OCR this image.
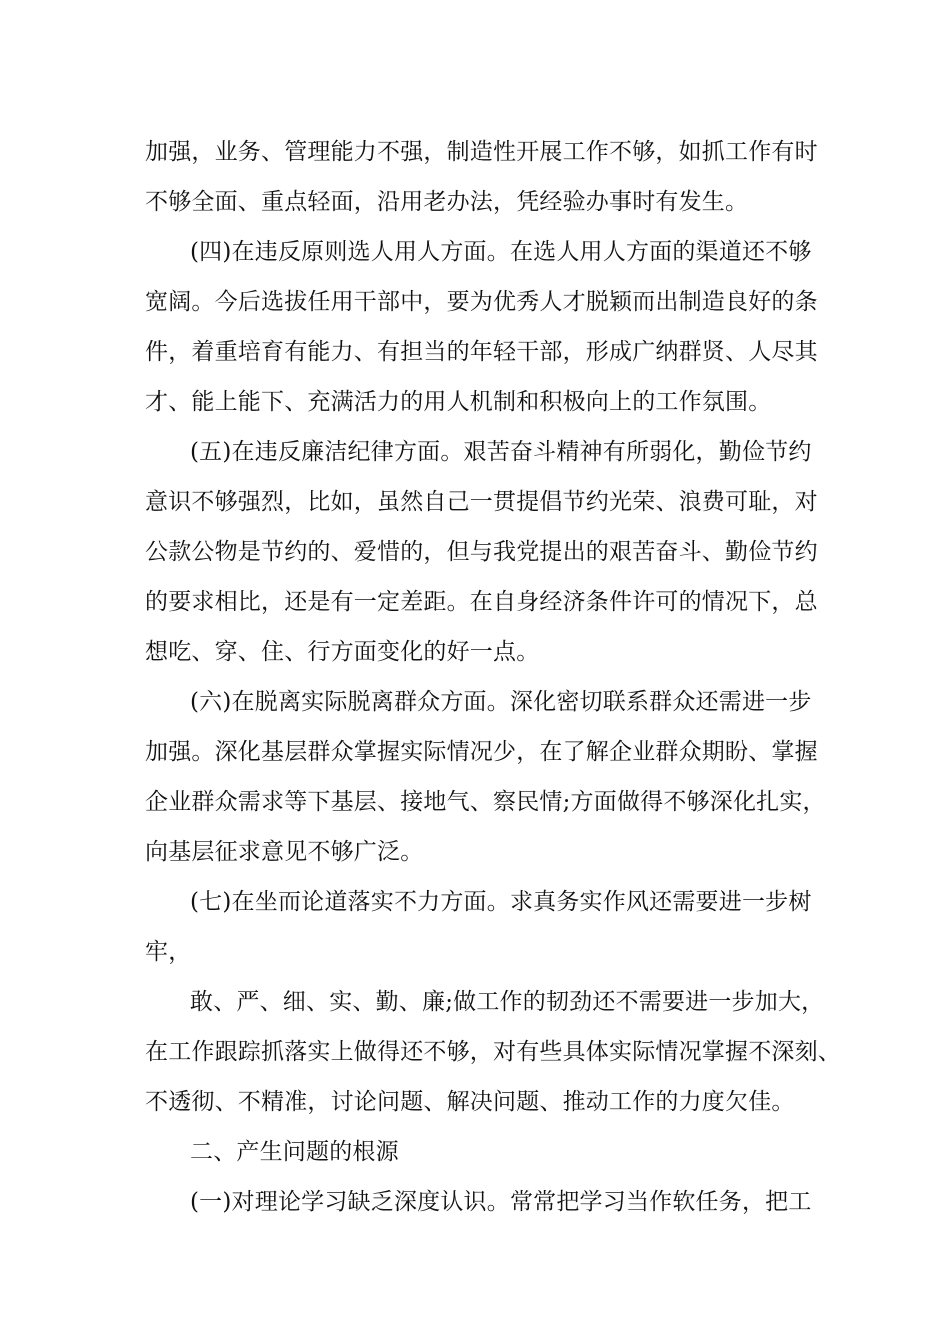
加强，业务、管理能力不强，制造性开展工作不够，如抓工作有时
不够全面、重点轻面，沿用老办法，凭经验办事时有发生。
(四)在违反原则选人用人方面。在选人用人方面的渠道还不够
宽阔。今后选拔任用干部中，要为优秀人才脱颖而出制造良好的条
件，着重培育有能力、有担当的年轻干部，形成广纳群贤、人尽其
才、能上能下、充满活力的用人机制和积极向上的工作氛围。
(五)在违反廉洁纪律方面。艰苦奋斗精神有所弱化，勤俭节约
意识不够强烈，比如，虽然自己一贯提倡节约光荣、浪费可耻，对
公款公物是节约的、爱惜的，但与我党提出的艰苦奋斗、勤俭节约
的要求相比，还是有一定差距。在自身经济条件许可的情况下，总
想吃、穿、住、行方面变化的好一点。
(六)在脱离实际脱离群众方面。深化密切联系群众还需进一步
加强。深化基层群众掌握实际情况少，在了解企业群众期盼、掌握
企业群众需求等下基层、接地气、察民情;方面做得不够深化扎实，
向基层征求意见不够广泛。
(七)在坐而论道落实不力方面。求真务实作风还需要进一步树
牢，
敢、严、细、实、勤、廉;做工作的韧劲还不需要进一步加大，
在工作跟踪抓落实上做得还不够，对有些具体实际情况掌握不深刻、
不透彻、不精准，讨论问题、解决问题、推动工作的力度欠佳。
二、产生问题的根源
(一)对理论学习缺乏深度认识。常常把学习当作软任务，把工
